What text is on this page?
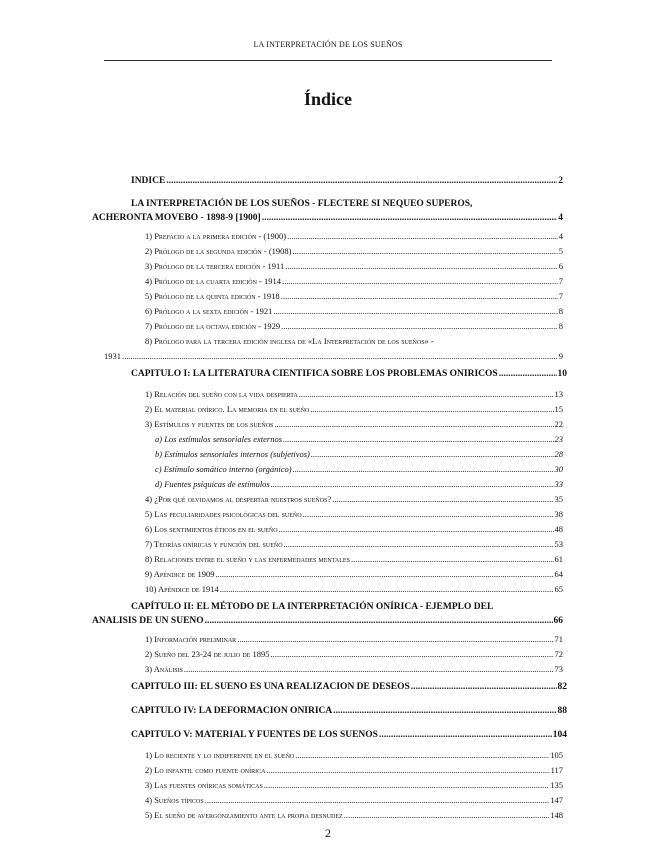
LA INTERPRETACIÓN DE LOS SUEÑOS
Índice
ÍNDICE .....	2
LA INTERPRETACIÓN DE LOS SUEÑOS - FLECTERE SI NEQUEO SUPEROS,
ACHERONTA MOVEBO - 1898-9 [1900] .....	4
1) Prefacio a la primera edición - (1900) .....	4
2) Prólogo de la segunda edición - (1908) .....	5
3) Prólogo de la tercera edición - 1911 .....	6
4) Prólogo de la cuarta edición - 1914 .....	7
5) Prólogo de la quinta edición - 1918 .....	7
6) Prólogo a la sexta edición - 1921 .....	8
7) Prólogo de la octava edición - 1929 .....	8
8) Prólogo para la tercera edición inglesa de «La Interpretación de los sueños» -
1931 .....	9
CAPÍTULO I: LA LITERATURA CIENTÍFICA SOBRE LOS PROBLEMAS ONÍRICOS .....	10
1) Relación del sueño con la vida despierta .....	13
2) El material onírico. La memoria en el sueño .....	15
3) Estímulos y fuentes de los sueños .....	22
a) Los estímulos sensoriales externos .....	23
b) Estímulos sensoriales internos (subjetivos) .....	28
c) Estímulo somático interno (orgánico) .....	30
d) Fuentes psíquicas de estímulos .....	33
4) ¿Por qué olvidamos al despertar nuestros sueños? .....	35
5) Las peculiaridades psicológicas del sueño .....	38
6) Los sentimientos éticos en el sueño .....	48
7) Teorías oníricas y función del sueño .....	53
8) Relaciones entre el sueño y las enfermedades mentales .....	61
9) Apéndice de 1909 .....	64
10) Apéndice de 1914 .....	65
CAPÍTULO II: EL MÉTODO DE LA INTERPRETACIÓN ONÍRICA - EJEMPLO DEL
ANÁLISIS DE UN SUEÑO .....	66
1) Información preliminar .....	71
2) Sueño del 23-24 de julio de 1895 .....	72
3) Análisis .....	73
CAPÍTULO III: EL SUEÑO ES UNA REALIZACIÓN DE DESEOS .....	82
CAPÍTULO IV: LA DEFORMACIÓN ONÍRICA .....	88
CAPÍTULO V: MATERIAL Y FUENTES DE LOS SUEÑOS .....	104
1) Lo reciente y lo indiferente en el sueño .....	105
2) Lo infantil como fuente onírica .....	117
3) Las fuentes oníricas somáticas .....	135
4) Sueños típicos .....	147
5) El sueño de avergonzamiento ante la propia desnudez .....	148
2
